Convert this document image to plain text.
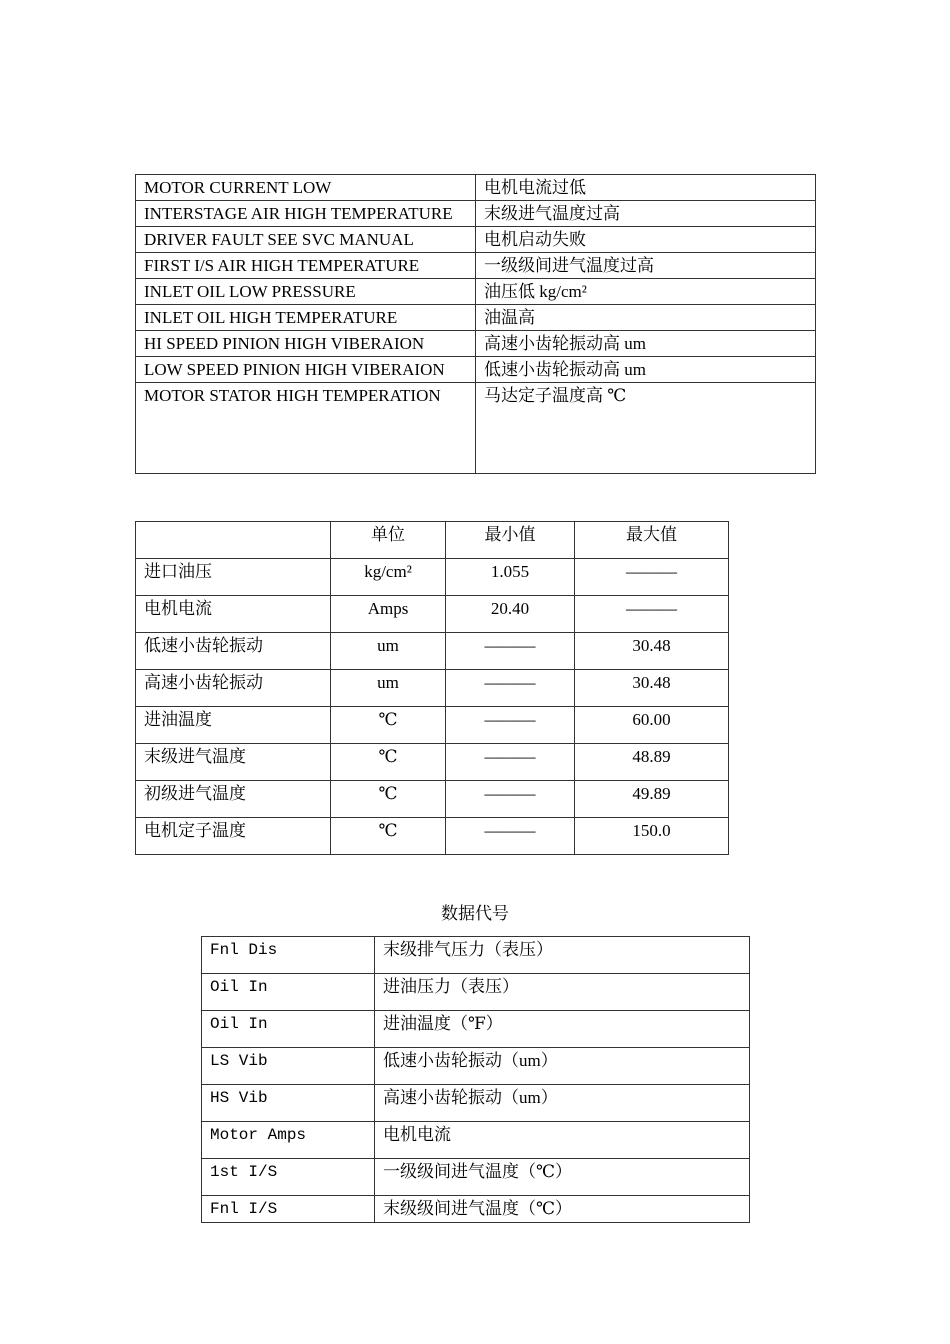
MOTOR CURRENT LOW	电机电流过低
INTERSTAGE AIR HIGH TEMPERATURE	末级进气温度过高
DRIVER FAULT SEE SVC MANUAL	电机启动失败
FIRST I/S AIR HIGH TEMPERATURE	一级级间进气温度过高
INLET OIL LOW PRESSURE	油压低 kg/cm²
INLET OIL HIGH TEMPERATURE	油温高
HI SPEED PINION HIGH VIBERAION	高速小齿轮振动高 um
LOW SPEED PINION HIGH VIBERAION	低速小齿轮振动高 um
MOTOR STATOR HIGH TEMPERATION	马达定子温度高 ℃
	单位	最小值	最大值
进口油压	kg/cm²	1.055	———
电机电流	Amps	20.40	———
低速小齿轮振动	um	———	30.48
高速小齿轮振动	um	———	30.48
进油温度	℃	———	60.00
末级进气温度	℃	———	48.89
初级进气温度	℃	———	49.89
电机定子温度	℃	———	150.0
数据代号
Fnl Dis	末级排气压力（表压）
Oil In	进油压力（表压）
Oil In	进油温度（℉）
LS Vib	低速小齿轮振动（um）
HS Vib	高速小齿轮振动（um）
Motor Amps	电机电流
1st I/S	一级级间进气温度（℃）
Fnl I/S	末级级间进气温度（℃）
